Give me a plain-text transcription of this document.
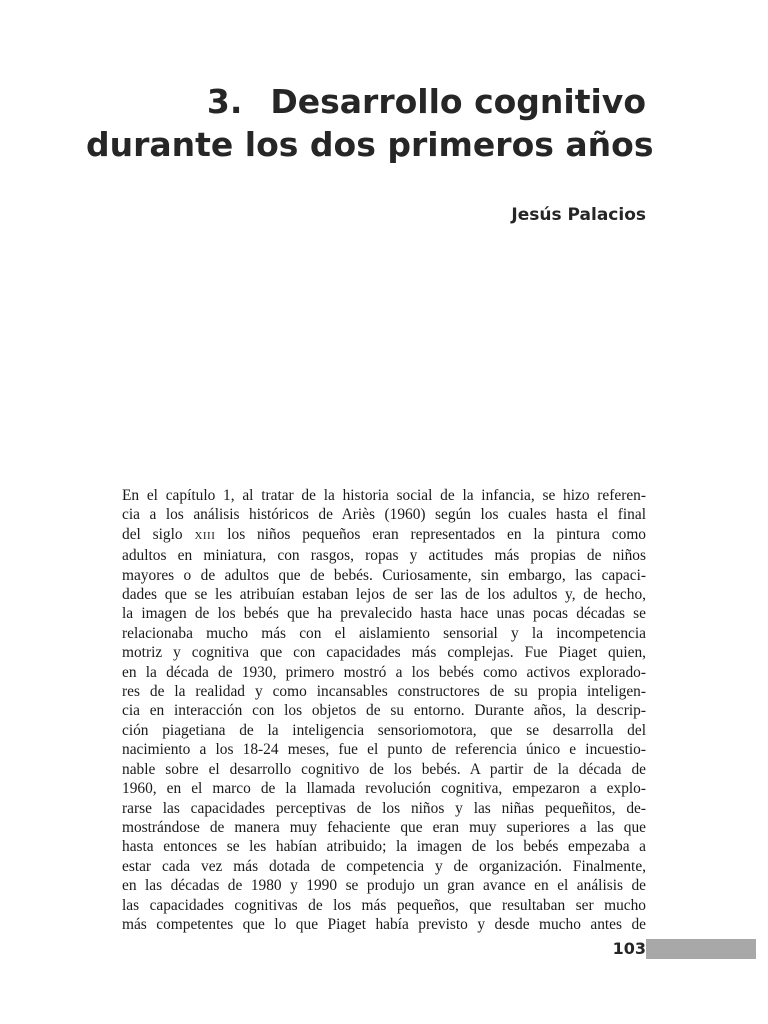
3. Desarrollo cognitivo
durante los dos primeros años

Jesús Palacios

En el capítulo 1, al tratar de la historia social de la infancia, se hizo referen-
cia a los análisis históricos de Ariès (1960) según los cuales hasta el final
del siglo XIII los niños pequeños eran representados en la pintura como
adultos en miniatura, con rasgos, ropas y actitudes más propias de niños
mayores o de adultos que de bebés. Curiosamente, sin embargo, las capaci-
dades que se les atribuían estaban lejos de ser las de los adultos y, de hecho,
la imagen de los bebés que ha prevalecido hasta hace unas pocas décadas se
relacionaba mucho más con el aislamiento sensorial y la incompetencia
motriz y cognitiva que con capacidades más complejas. Fue Piaget quien,
en la década de 1930, primero mostró a los bebés como activos explorado-
res de la realidad y como incansables constructores de su propia inteligen-
cia en interacción con los objetos de su entorno. Durante años, la descrip-
ción piagetiana de la inteligencia sensoriomotora, que se desarrolla del
nacimiento a los 18-24 meses, fue el punto de referencia único e incuestio-
nable sobre el desarrollo cognitivo de los bebés. A partir de la década de
1960, en el marco de la llamada revolución cognitiva, empezaron a explo-
rarse las capacidades perceptivas de los niños y las niñas pequeñitos, de-
mostrándose de manera muy fehaciente que eran muy superiores a las que
hasta entonces se les habían atribuido; la imagen de los bebés empezaba a
estar cada vez más dotada de competencia y de organización. Finalmente,
en las décadas de 1980 y 1990 se produjo un gran avance en el análisis de
las capacidades cognitivas de los más pequeños, que resultaban ser mucho
más competentes que lo que Piaget había previsto y desde mucho antes de

103
